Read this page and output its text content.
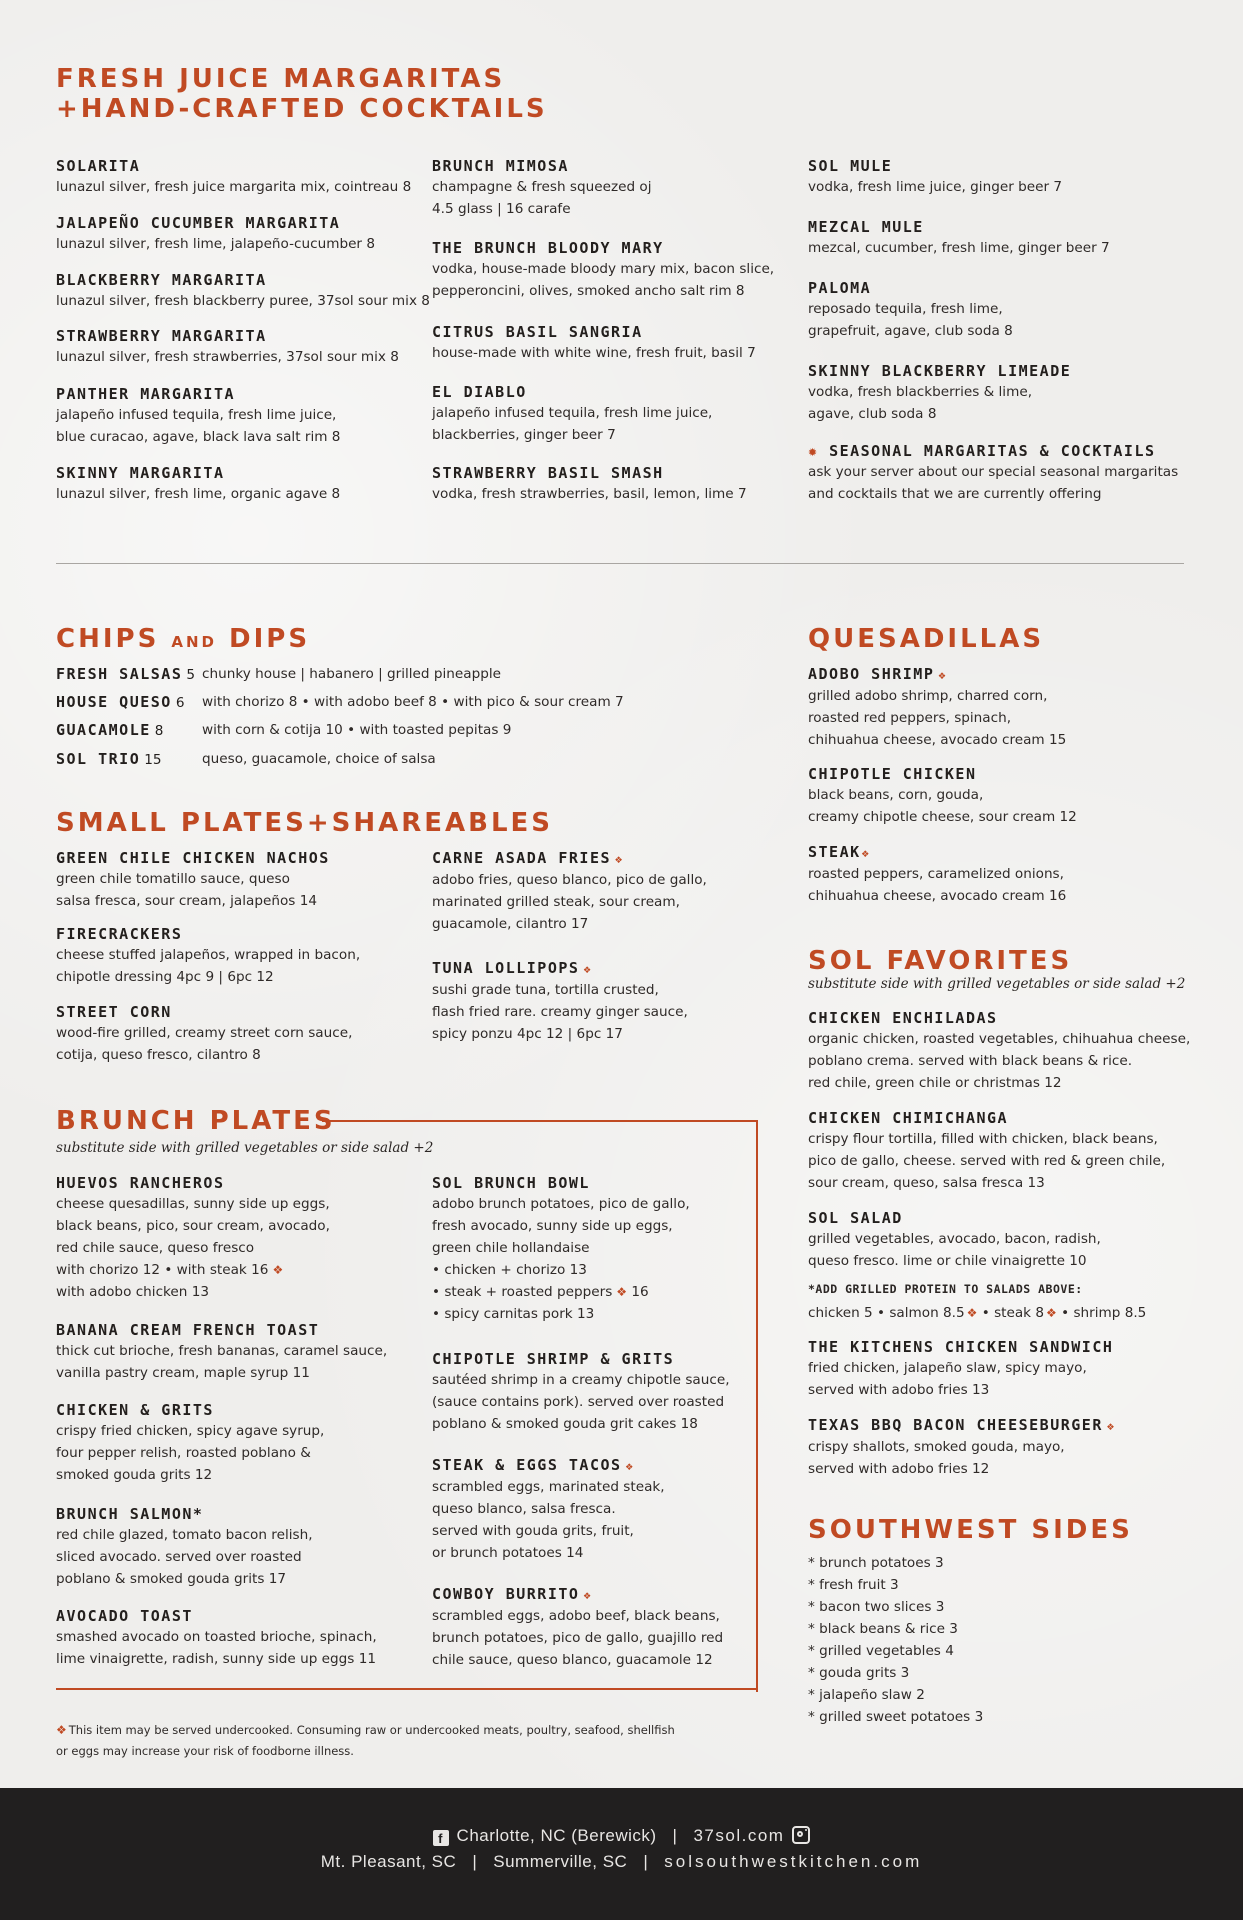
FRESH JUICE MARGARITAS
+HAND-CRAFTED COCKTAILS
SOLARITA
lunazul silver, fresh juice margarita mix, cointreau 8
JALAPEÑO CUCUMBER MARGARITA
lunazul silver, fresh lime, jalapeño-cucumber 8
BLACKBERRY MARGARITA
lunazul silver, fresh blackberry puree, 37sol sour mix 8
STRAWBERRY MARGARITA
lunazul silver, fresh strawberries, 37sol sour mix 8
PANTHER MARGARITA
jalapeño infused tequila, fresh lime juice,
blue curacao, agave, black lava salt rim 8
SKINNY MARGARITA
lunazul silver, fresh lime, organic agave 8
BRUNCH MIMOSA
champagne & fresh squeezed oj
4.5 glass | 16 carafe
THE BRUNCH BLOODY MARY
vodka, house-made bloody mary mix, bacon slice,
pepperoncini, olives, smoked ancho salt rim 8
CITRUS BASIL SANGRIA
house-made with white wine, fresh fruit, basil 7
EL DIABLO
jalapeño infused tequila, fresh lime juice,
blackberries, ginger beer 7
STRAWBERRY BASIL SMASH
vodka, fresh strawberries, basil, lemon, lime 7
SOL MULE
vodka, fresh lime juice, ginger beer 7
MEZCAL MULE
mezcal, cucumber, fresh lime, ginger beer 7
PALOMA
reposado tequila, fresh lime,
grapefruit, agave, club soda 8
SKINNY BLACKBERRY LIMEADE
vodka, fresh blackberries & lime,
agave, club soda 8
✹ SEASONAL MARGARITAS & COCKTAILS
ask your server about our special seasonal margaritas
and cocktails that we are currently offering
CHIPS AND DIPS
FRESH SALSAS 5 chunky house | habanero | grilled pineapple
HOUSE QUESO 6 with chorizo 8 • with adobo beef 8 • with pico & sour cream 7
GUACAMOLE 8	with corn & cotija 10 • with toasted pepitas 9
SOL TRIO 15	queso, guacamole, choice of salsa
SMALL PLATES+SHAREABLES
GREEN CHILE CHICKEN NACHOS
green chile tomatillo sauce, queso
salsa fresca, sour cream, jalapeños 14
FIRECRACKERS
cheese stuffed jalapeños, wrapped in bacon,
chipotle dressing 4pc 9 | 6pc 12
STREET CORN
wood-fire grilled, creamy street corn sauce,
cotija, queso fresco, cilantro 8
CARNE ASADA FRIES ❖
adobo fries, queso blanco, pico de gallo,
marinated grilled steak, sour cream,
guacamole, cilantro 17
TUNA LOLLIPOPS ❖
sushi grade tuna, tortilla crusted,
flash fried rare. creamy ginger sauce,
spicy ponzu 4pc 12 | 6pc 17
BRUNCH PLATES
substitute side with grilled vegetables or side salad +2
HUEVOS RANCHEROS
cheese quesadillas, sunny side up eggs,
black beans, pico, sour cream, avocado,
red chile sauce, queso fresco
with chorizo 12 • with steak 16 ❖
with adobo chicken 13
BANANA CREAM FRENCH TOAST
thick cut brioche, fresh bananas, caramel sauce,
vanilla pastry cream, maple syrup 11
CHICKEN & GRITS
crispy fried chicken, spicy agave syrup,
four pepper relish, roasted poblano &
smoked gouda grits 12
BRUNCH SALMON*
red chile glazed, tomato bacon relish,
sliced avocado. served over roasted
poblano & smoked gouda grits 17
AVOCADO TOAST
smashed avocado on toasted brioche, spinach,
lime vinaigrette, radish, sunny side up eggs 11
SOL BRUNCH BOWL
adobo brunch potatoes, pico de gallo,
fresh avocado, sunny side up eggs,
green chile hollandaise
• chicken + chorizo 13
• steak + roasted peppers ❖ 16
• spicy carnitas pork 13
CHIPOTLE SHRIMP & GRITS
sautéed shrimp in a creamy chipotle sauce,
(sauce contains pork). served over roasted
poblano & smoked gouda grit cakes 18
STEAK & EGGS TACOS ❖
scrambled eggs, marinated steak,
queso blanco, salsa fresca.
served with gouda grits, fruit,
or brunch potatoes 14
COWBOY BURRITO ❖
scrambled eggs, adobo beef, black beans,
brunch potatoes, pico de gallo, guajillo red
chile sauce, queso blanco, guacamole 12
❖ This item may be served undercooked. Consuming raw or undercooked meats, poultry, seafood, shellfish
or eggs may increase your risk of foodborne illness.
QUESADILLAS
ADOBO SHRIMP ❖
grilled adobo shrimp, charred corn,
roasted red peppers, spinach,
chihuahua cheese, avocado cream 15
CHIPOTLE CHICKEN
black beans, corn, gouda,
creamy chipotle cheese, sour cream 12
STEAK❖
roasted peppers, caramelized onions,
chihuahua cheese, avocado cream 16
SOL FAVORITES
substitute side with grilled vegetables or side salad +2
CHICKEN ENCHILADAS
organic chicken, roasted vegetables, chihuahua cheese,
poblano crema. served with black beans & rice.
red chile, green chile or christmas 12
CHICKEN CHIMICHANGA
crispy flour tortilla, filled with chicken, black beans,
pico de gallo, cheese. served with red & green chile,
sour cream, queso, salsa fresca 13
SOL SALAD
grilled vegetables, avocado, bacon, radish,
queso fresco. lime or chile vinaigrette 10
*ADD GRILLED PROTEIN TO SALADS ABOVE:
chicken 5 • salmon 8.5 ❖ • steak 8 ❖ • shrimp 8.5
THE KITCHENS CHICKEN SANDWICH
fried chicken, jalapeño slaw, spicy mayo,
served with adobo fries 13
TEXAS BBQ BACON CHEESEBURGER ❖
crispy shallots, smoked gouda, mayo,
served with adobo fries 12
SOUTHWEST SIDES
* brunch potatoes 3
* fresh fruit 3
* bacon two slices 3
* black beans & rice 3
* grilled vegetables 4
* gouda grits 3
* jalapeño slaw 2
* grilled sweet potatoes 3
f Charlotte, NC (Berewick) | 37sol.com
Mt. Pleasant, SC | Summerville, SC | solsouthwestkitchen.com
